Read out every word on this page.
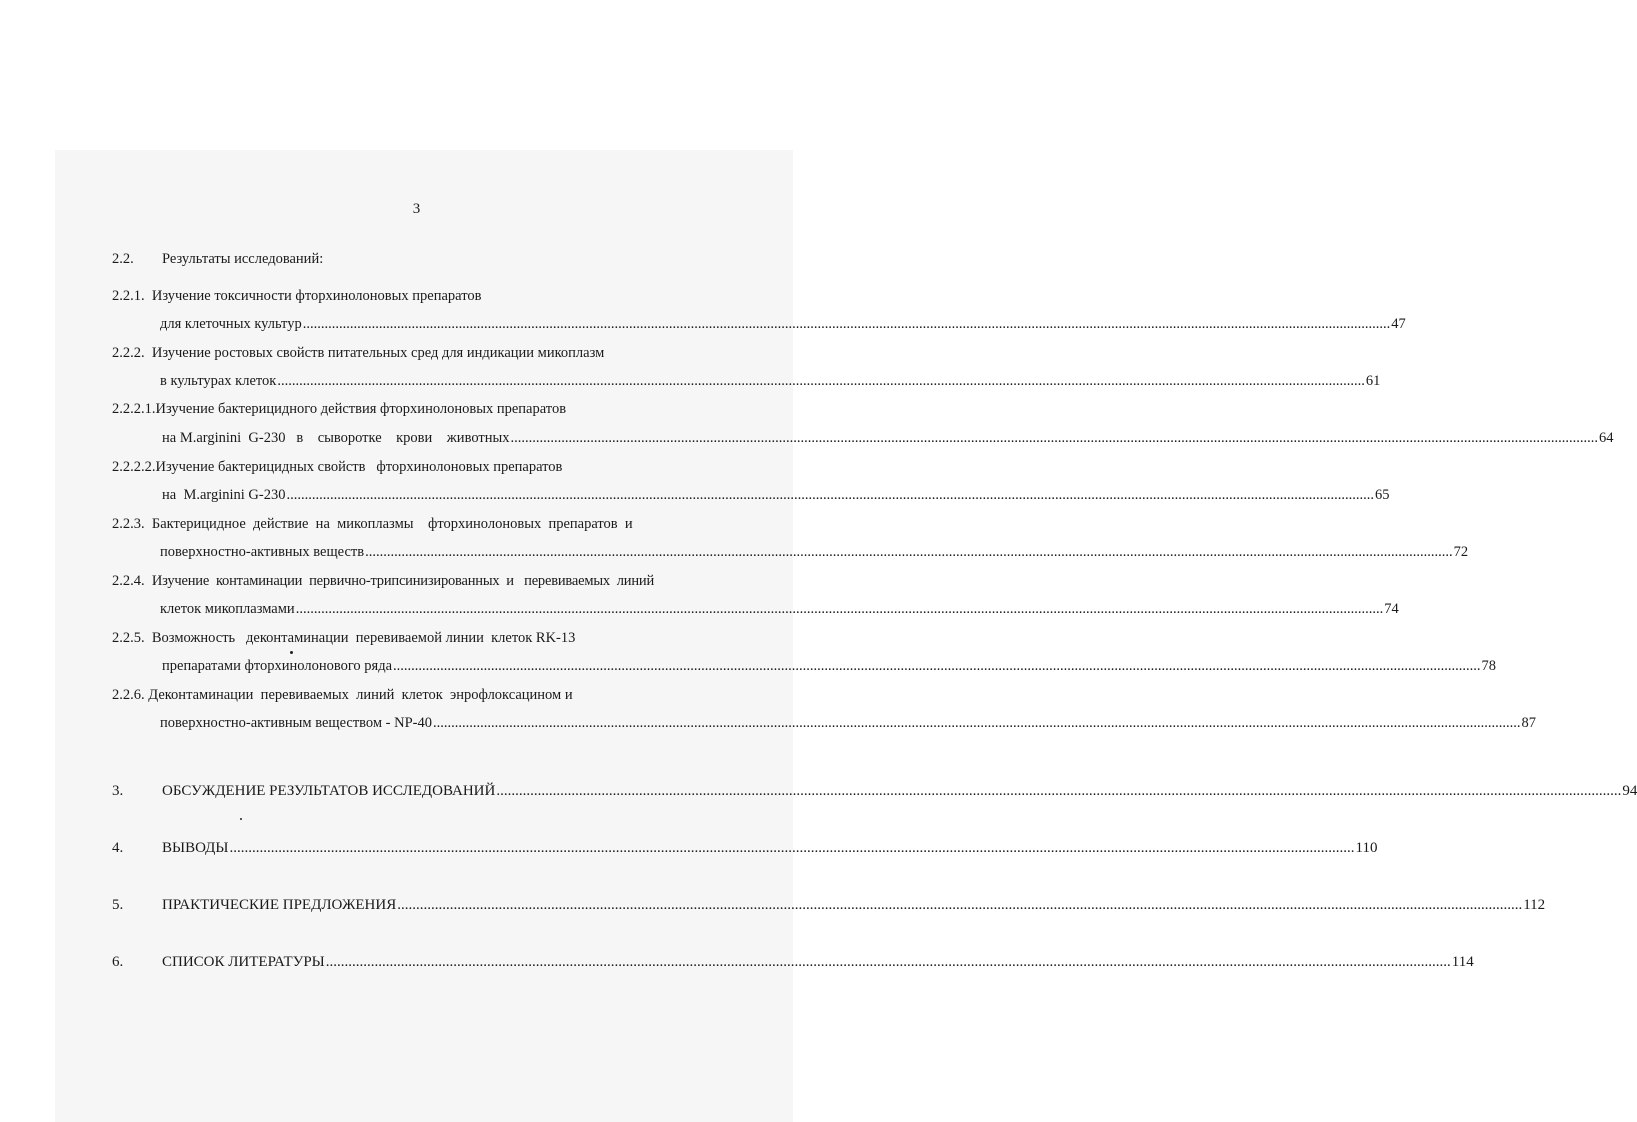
3
2.2. Результаты исследований:
2.2.1. Изучение токсичности фторхинолоновых препаратов
для клеточных культур ............................................................................................................................................................................................................................................................................................................ 47
2.2.2. Изучение ростовых свойств питательных сред для индикации микоплазм
в культурах клеток ............................................................................................................................................................................................................................................................................................................ 61
2.2.2.1.Изучение бактерицидного действия фторхинолоновых препаратов
на M.arginini  G-230   в    сыворотке    крови    животных ............................................................................................................................................................................................................................................................................................................ 64
2.2.2.2.Изучение бактерицидных свойств   фторхинолоновых препаратов
на  M.arginini G-230 ............................................................................................................................................................................................................................................................................................................ 65
2.2.3. Бактерицидное  действие  на  микоплазмы    фторхинолоновых  препаратов  и
поверхностно-активных веществ ............................................................................................................................................................................................................................................................................................................ 72
2.2.4. Изучение  контаминации  первично-трипсинизированных  и   перевиваемых  линий
клеток микоплазмами ............................................................................................................................................................................................................................................................................................................ 74
2.2.5. Возможность   деконтаминации  перевиваемой линии  клеток RK-13
препаратами фторхинолонового ряда ............................................................................................................................................................................................................................................................................................................ 78
2.2.6. Деконтаминации  перевиваемых  линий  клеток  энрофлоксацином и
поверхностно-активным веществом - NP-40 ............................................................................................................................................................................................................................................................................................................ 87
3.	ОБСУЖДЕНИЕ РЕЗУЛЬТАТОВ ИССЛЕДОВАНИЙ ............................................................................................................................................................................................................................................................................................................ 94
4.	ВЫВОДЫ ............................................................................................................................................................................................................................................................................................................ 110
5.	ПРАКТИЧЕСКИЕ ПРЕДЛОЖЕНИЯ ............................................................................................................................................................................................................................................................................................................ 112
6.	СПИСОК ЛИТЕРАТУРЫ ............................................................................................................................................................................................................................................................................................................ 114
